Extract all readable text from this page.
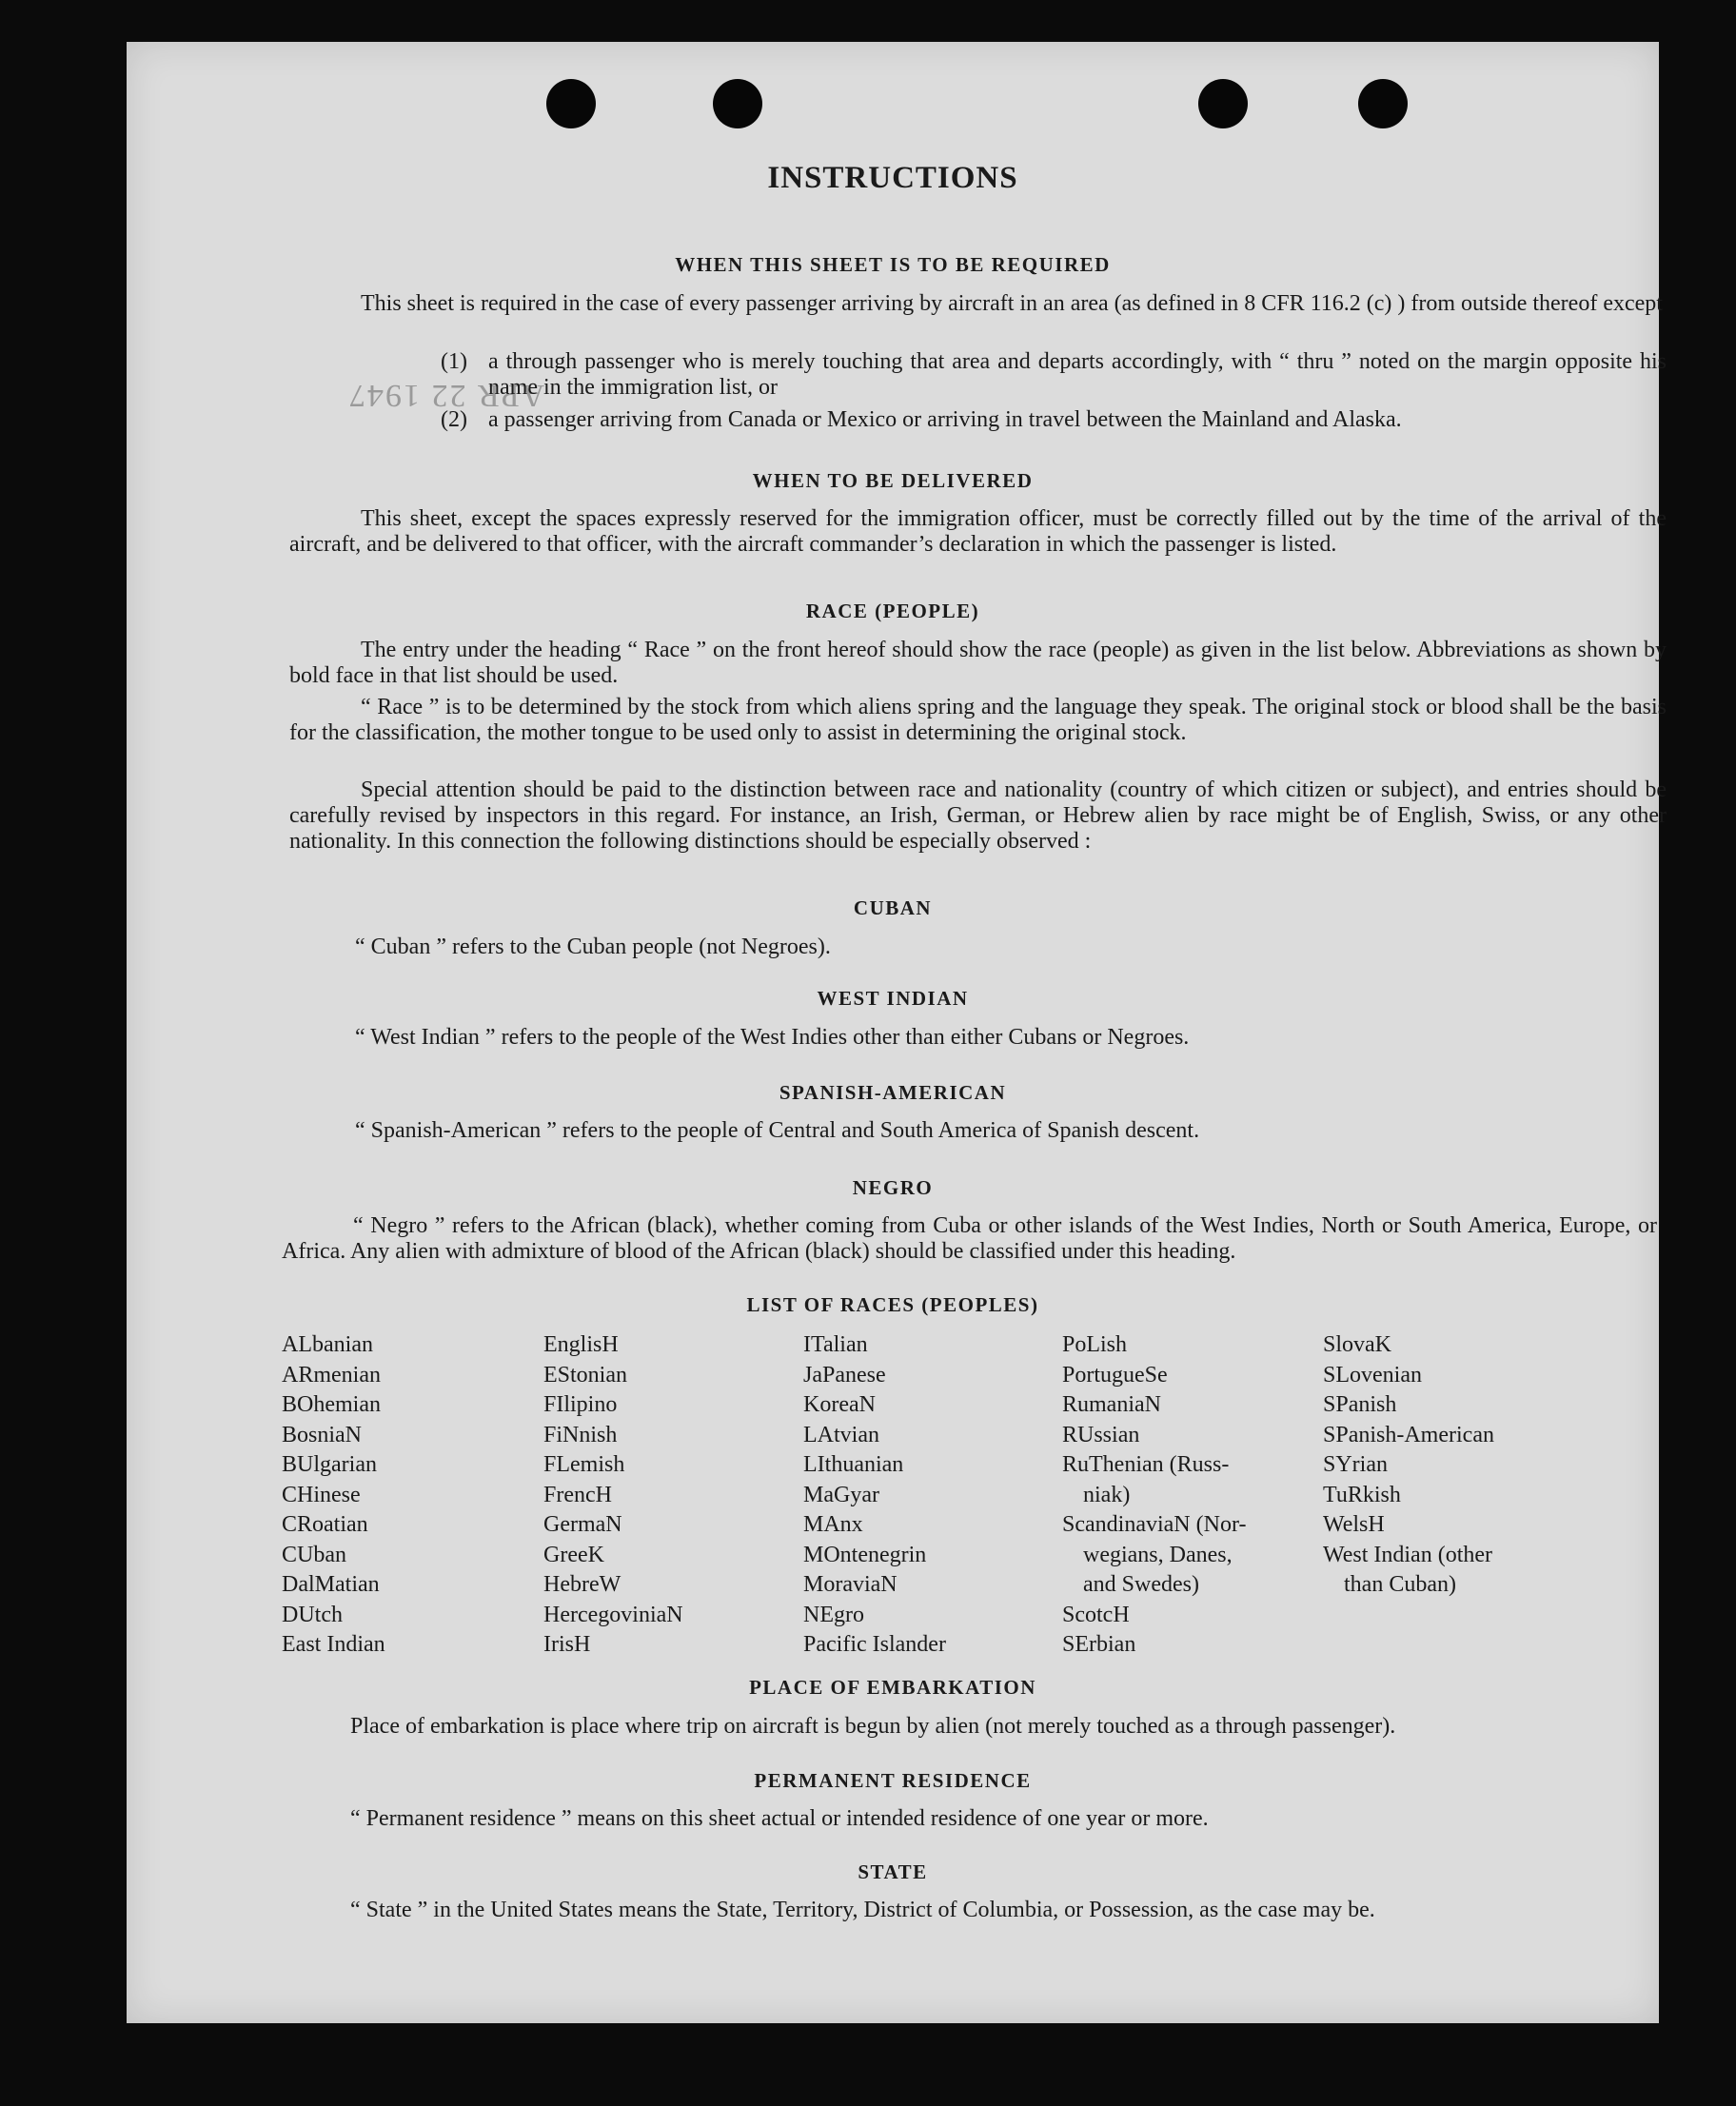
APR 22 1947
INSTRUCTIONS
WHEN THIS SHEET IS TO BE REQUIRED
This sheet is required in the case of every passenger arriving by aircraft in an area (as defined in 8 CFR 116.2 (c) ) from outside thereof except
(1) a through passenger who is merely touching that area and departs accordingly, with “ thru ” noted on the margin opposite his name in the immigration list, or
(2) a passenger arriving from Canada or Mexico or arriving in travel between the Mainland and Alaska.
WHEN TO BE DELIVERED
This sheet, except the spaces expressly reserved for the immigration officer, must be correctly filled out by the time of the arrival of the aircraft, and be delivered to that officer, with the aircraft commander’s declaration in which the passenger is listed.
RACE (PEOPLE)
The entry under the heading “ Race ” on the front hereof should show the race (people) as given in the list below. Abbreviations as shown by bold face in that list should be used.
“ Race ” is to be determined by the stock from which aliens spring and the language they speak. The original stock or blood shall be the basis for the classification, the mother tongue to be used only to assist in determining the original stock.
Special attention should be paid to the distinction between race and nationality (country of which citizen or subject), and entries should be carefully revised by inspectors in this regard. For instance, an Irish, German, or Hebrew alien by race might be of English, Swiss, or any other nationality. In this connection the following distinctions should be especially observed :
CUBAN
“ Cuban ” refers to the Cuban people (not Negroes).
WEST INDIAN
“ West Indian ” refers to the people of the West Indies other than either Cubans or Negroes.
SPANISH-AMERICAN
“ Spanish-American ” refers to the people of Central and South America of Spanish descent.
NEGRO
“ Negro ” refers to the African (black), whether coming from Cuba or other islands of the West Indies, North or South America, Europe, or Africa. Any alien with admixture of blood of the African (black) should be classified under this heading.
LIST OF RACES (PEOPLES)
ALbanian
ARmenian
BOhemian
BosniaN
BUlgarian
CHinese
CRoatian
CUban
DalMatian
DUtch
East Indian
EnglisH
EStonian
FIlipino
FiNnish
FLemish
FrencH
GermaN
GreeK
HebreW
HercegoviniaN
IrisH
ITalian
JaPanese
KoreaN
LAtvian
LIthuanian
MaGyar
MAnx
MOntenegrin
MoraviaN
NEgro
Pacific Islander
PoLish
PortugueSe
RumaniaN
RUssian
RuThenian (Russ-
niak)
ScandinaviaN (Nor-
wegians, Danes,
and Swedes)
ScotcH
SErbian
SlovaK
SLovenian
SPanish
SPanish-American
SYrian
TuRkish
WelsH
West Indian (other
than Cuban)
PLACE OF EMBARKATION
Place of embarkation is place where trip on aircraft is begun by alien (not merely touched as a through passenger).
PERMANENT RESIDENCE
“ Permanent residence ” means on this sheet actual or intended residence of one year or more.
STATE
“ State ” in the United States means the State, Territory, District of Columbia, or Possession, as the case may be.
